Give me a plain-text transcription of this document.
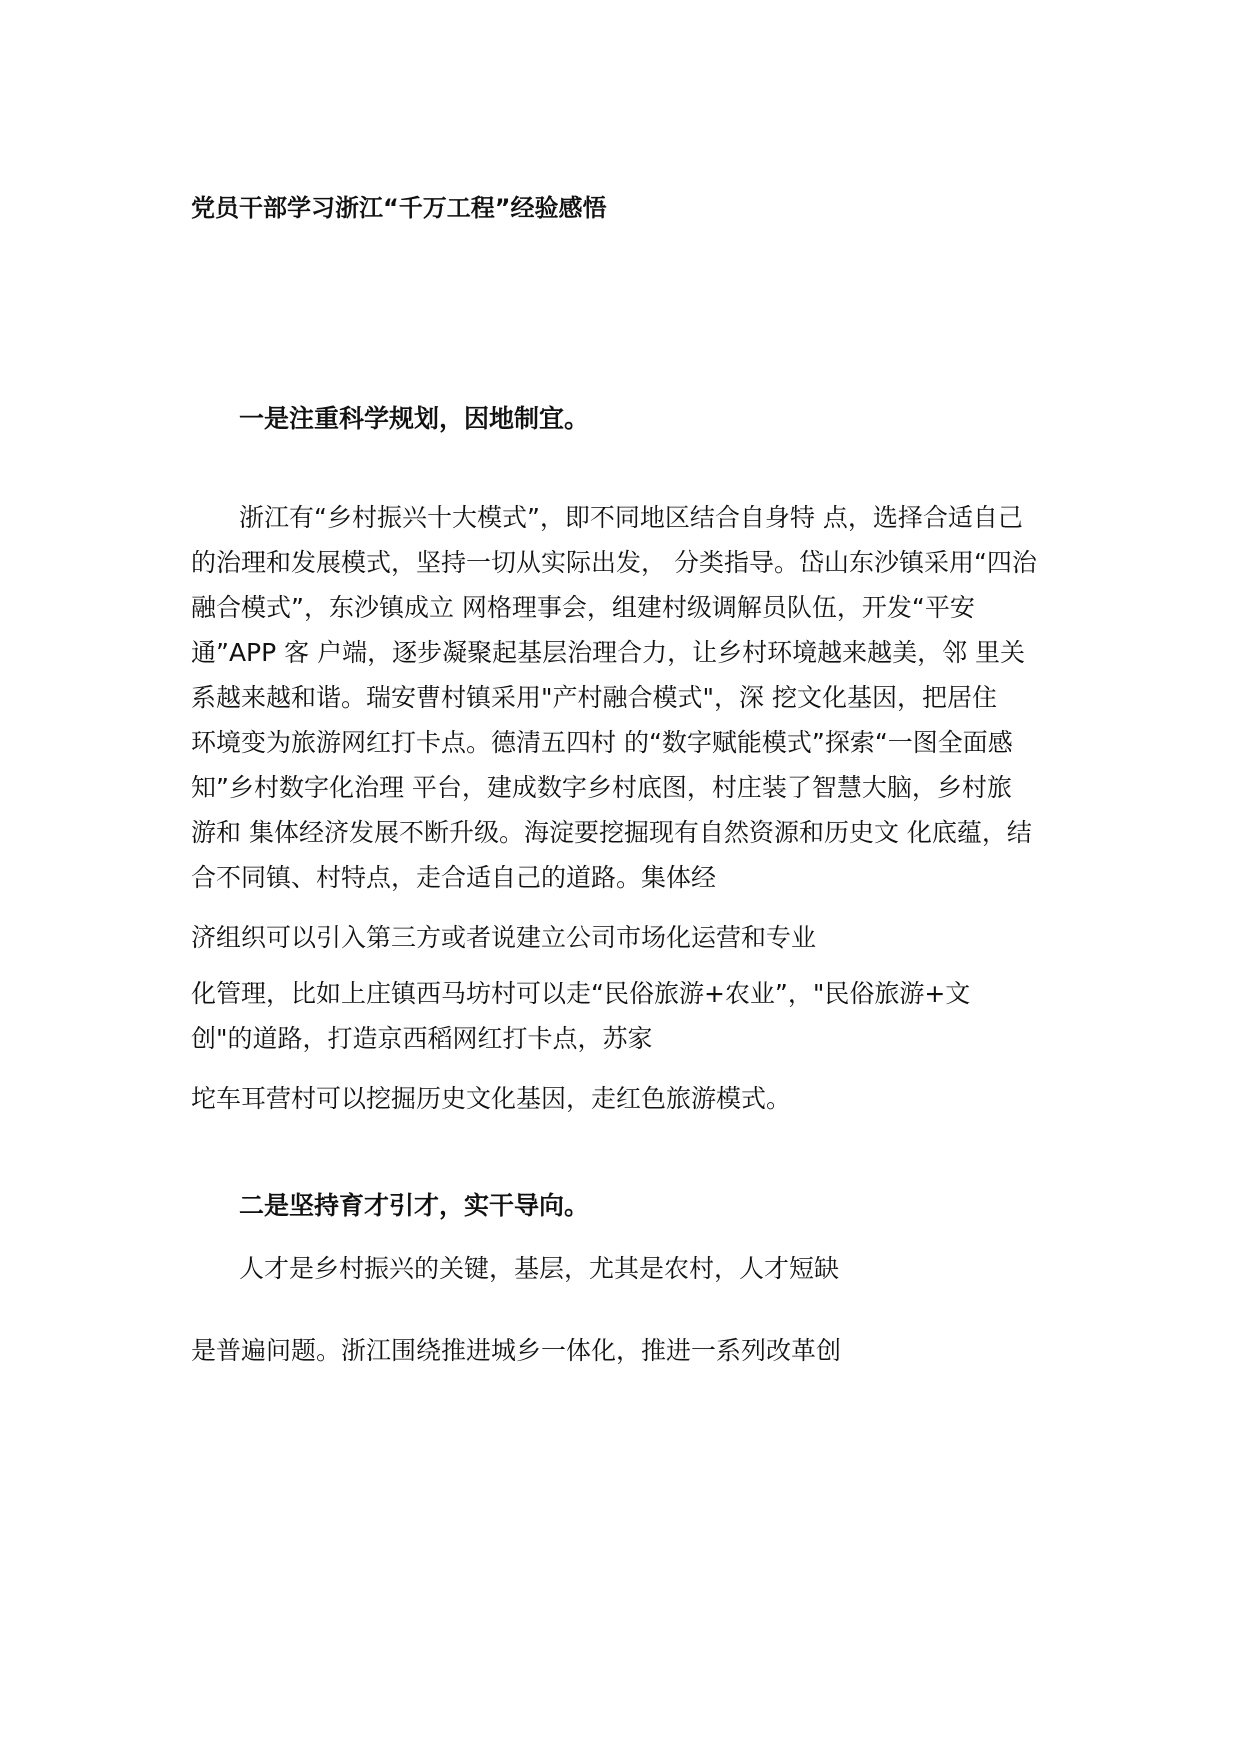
党员干部学习浙江“千万工程”经验感悟
一是注重科学规划，因地制宜。
浙江有“乡村振兴十大模式”，即不同地区结合自身特 点，选择合适自己
的治理和发展模式，坚持一切从实际出发， 分类指导。岱山东沙镇采用“四治
融合模式”，东沙镇成立 网格理事会，组建村级调解员队伍，开发“平安
通”APP 客 户端，逐步凝聚起基层治理合力，让乡村环境越来越美，邻 里关
系越来越和谐。瑞安曹村镇采用"产村融合模式"，深 挖文化基因，把居住
环境变为旅游网红打卡点。德清五四村 的“数字赋能模式”探索“一图全面感
知”乡村数字化治理 平台，建成数字乡村底图，村庄装了智慧大脑，乡村旅
游和 集体经济发展不断升级。海淀要挖掘现有自然资源和历史文 化底蕴，结
合不同镇、村特点，走合适自己的道路。集体经
济组织可以引入第三方或者说建立公司市场化运营和专业
化管理，比如上庄镇西马坊村可以走“民俗旅游+农业”，"民俗旅游+文
创"的道路，打造京西稻网红打卡点，苏家
坨车耳营村可以挖掘历史文化基因，走红色旅游模式。
二是坚持育才引才，实干导向。
人才是乡村振兴的关键，基层，尤其是农村，人才短缺
是普遍问题。浙江围绕推进城乡一体化，推进一系列改革创
